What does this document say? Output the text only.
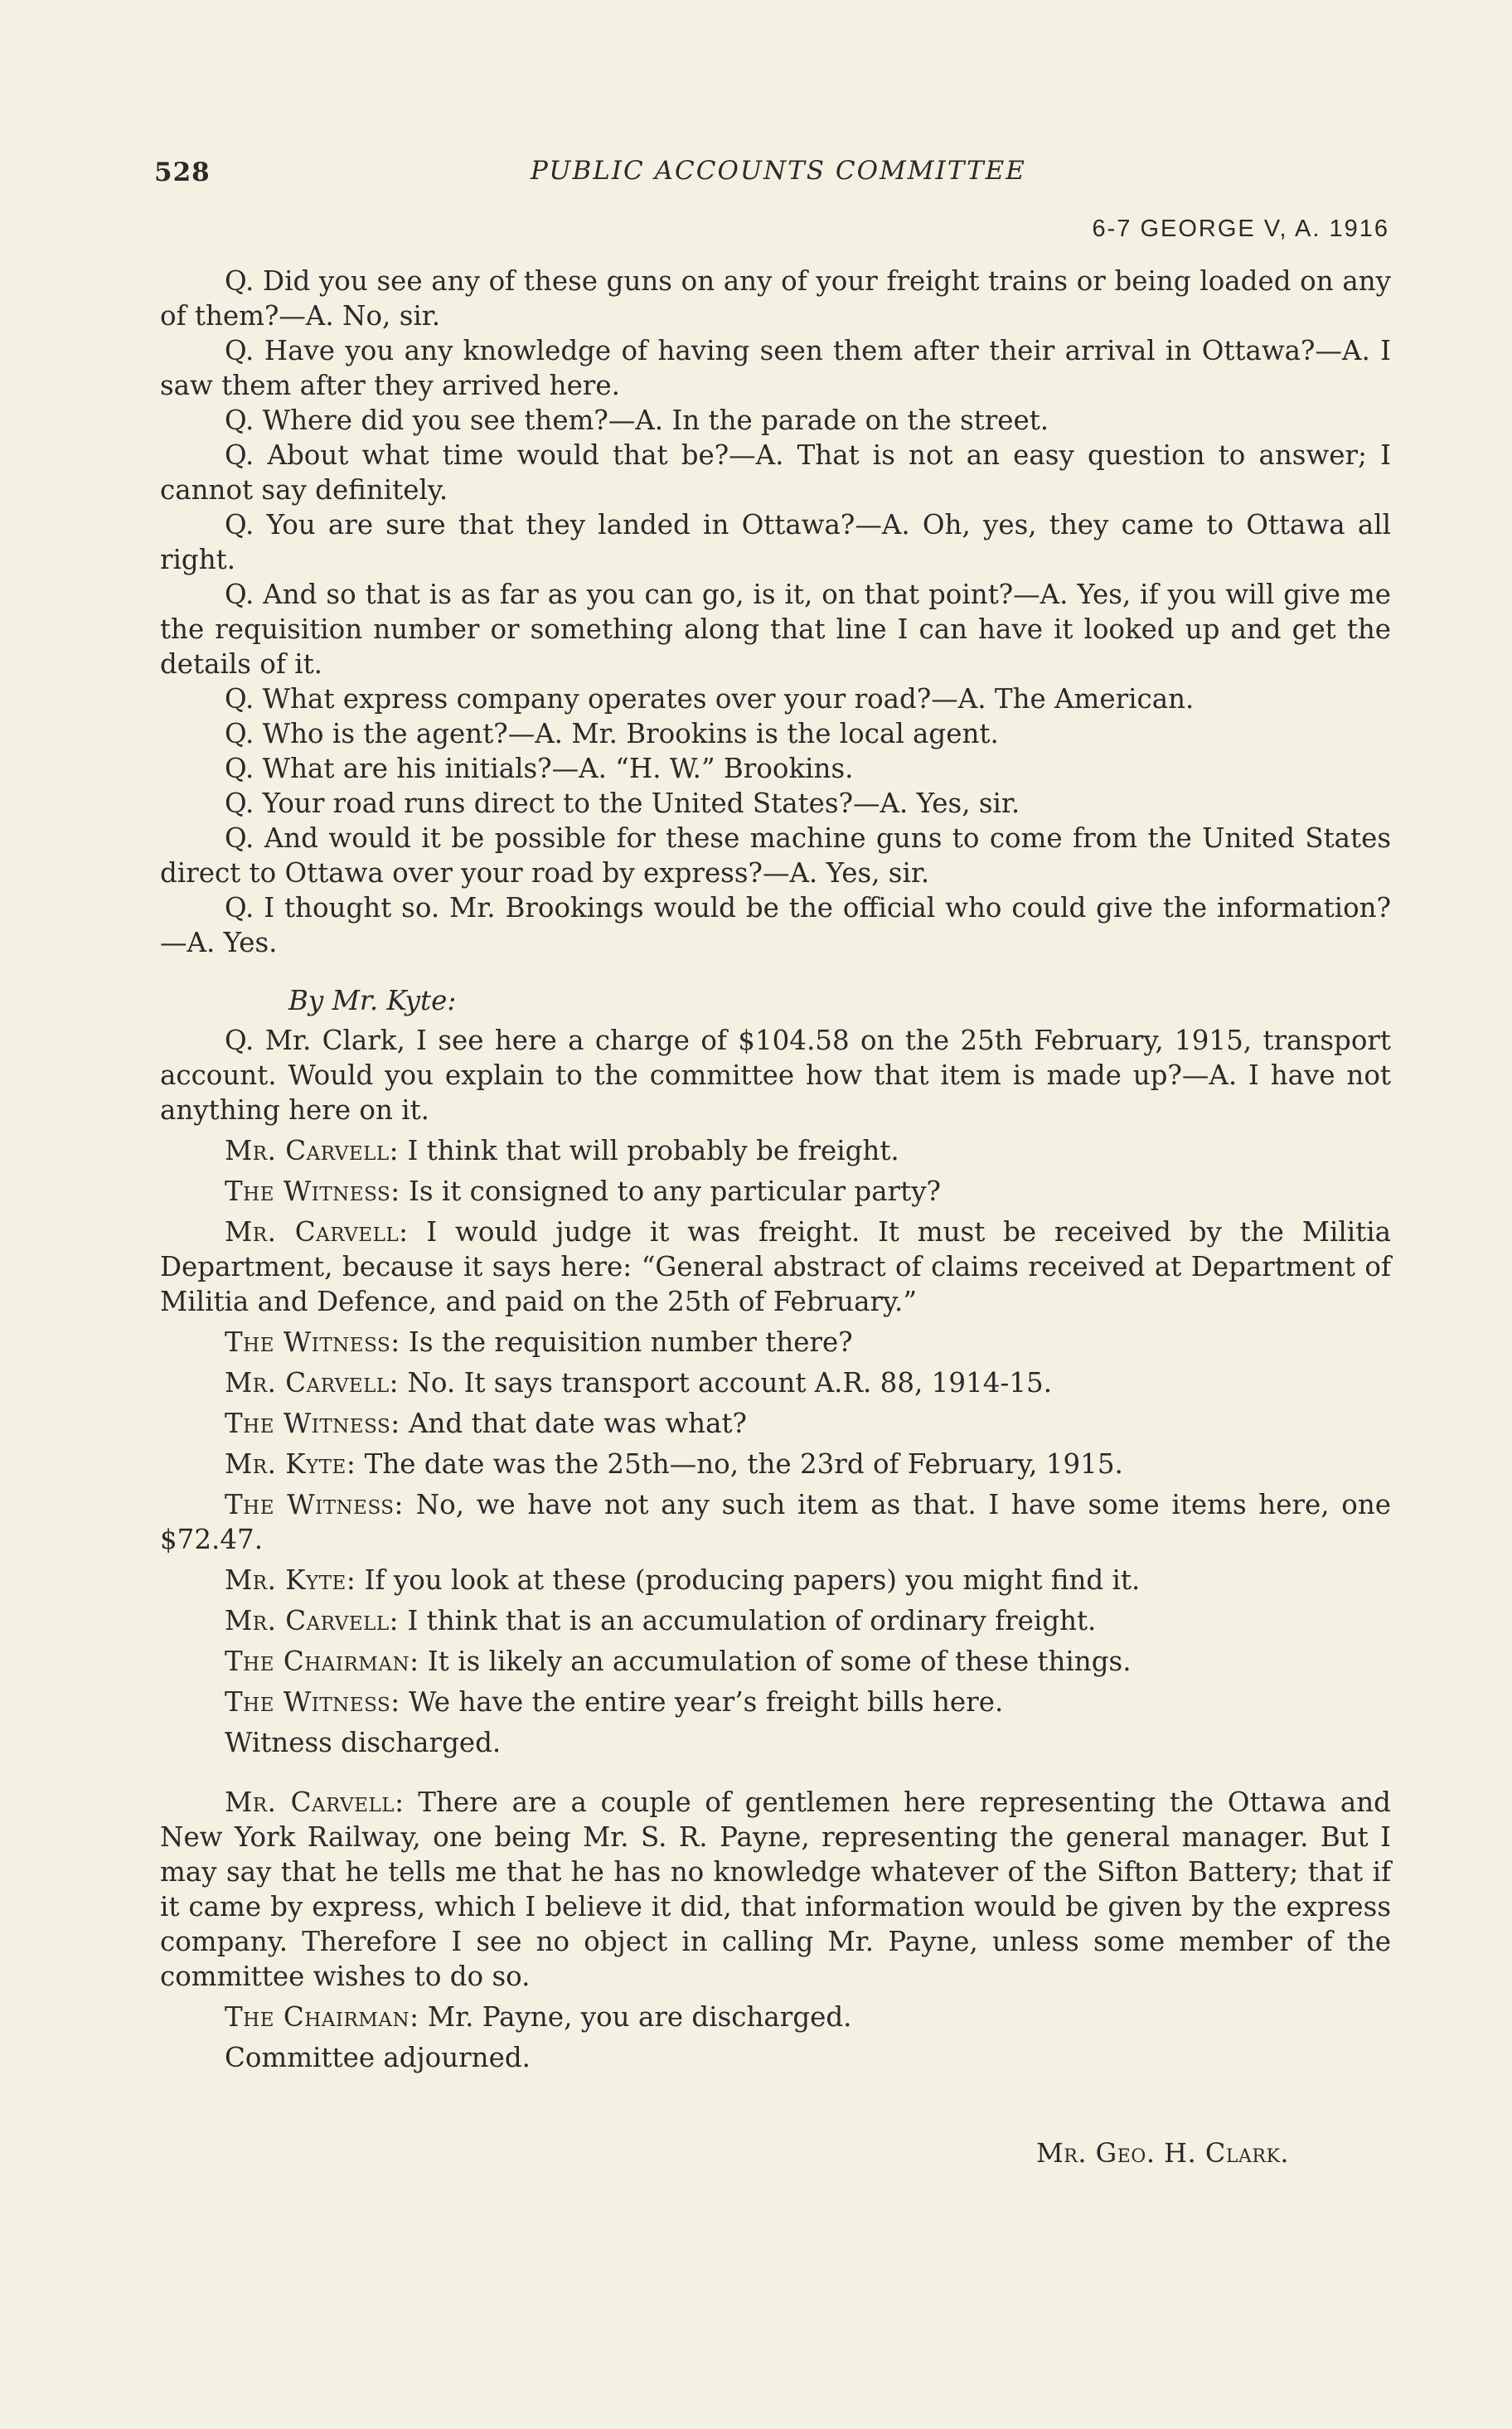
528	PUBLIC ACCOUNTS COMMITTEE
6-7 GEORGE V, A. 1916
Q. Did you see any of these guns on any of your freight trains or being loaded on any of them?—A. No, sir.
Q. Have you any knowledge of having seen them after their arrival in Ottawa?—A. I saw them after they arrived here.
Q. Where did you see them?—A. In the parade on the street.
Q. About what time would that be?—A. That is not an easy question to answer; I cannot say definitely.
Q. You are sure that they landed in Ottawa?—A. Oh, yes, they came to Ottawa all right.
Q. And so that is as far as you can go, is it, on that point?—A. Yes, if you will give me the requisition number or something along that line I can have it looked up and get the details of it.
Q. What express company operates over your road?—A. The American.
Q. Who is the agent?—A. Mr. Brookins is the local agent.
Q. What are his initials?—A. “H. W.” Brookins.
Q. Your road runs direct to the United States?—A. Yes, sir.
Q. And would it be possible for these machine guns to come from the United States direct to Ottawa over your road by express?—A. Yes, sir.
Q. I thought so. Mr. Brookings would be the official who could give the information?—A. Yes.
By Mr. Kyte:
Q. Mr. Clark, I see here a charge of $104.58 on the 25th February, 1915, transport account. Would you explain to the committee how that item is made up?—A. I have not anything here on it.
Mr. Carvell: I think that will probably be freight.
The Witness: Is it consigned to any particular party?
Mr. Carvell: I would judge it was freight. It must be received by the Militia Department, because it says here: “General abstract of claims received at Department of Militia and Defence, and paid on the 25th of February.”
The Witness: Is the requisition number there?
Mr. Carvell: No. It says transport account A.R. 88, 1914-15.
The Witness: And that date was what?
Mr. Kyte: The date was the 25th—no, the 23rd of February, 1915.
The Witness: No, we have not any such item as that. I have some items here, one $72.47.
Mr. Kyte: If you look at these (producing papers) you might find it.
Mr. Carvell: I think that is an accumulation of ordinary freight.
The Chairman: It is likely an accumulation of some of these things.
The Witness: We have the entire year’s freight bills here.
Witness discharged.
Mr. Carvell: There are a couple of gentlemen here representing the Ottawa and New York Railway, one being Mr. S. R. Payne, representing the general manager. But I may say that he tells me that he has no knowledge whatever of the Sifton Battery; that if it came by express, which I believe it did, that information would be given by the express company. Therefore I see no object in calling Mr. Payne, unless some member of the committee wishes to do so.
The Chairman: Mr. Payne, you are discharged.
Committee adjourned.
Mr. Geo. H. Clark.
